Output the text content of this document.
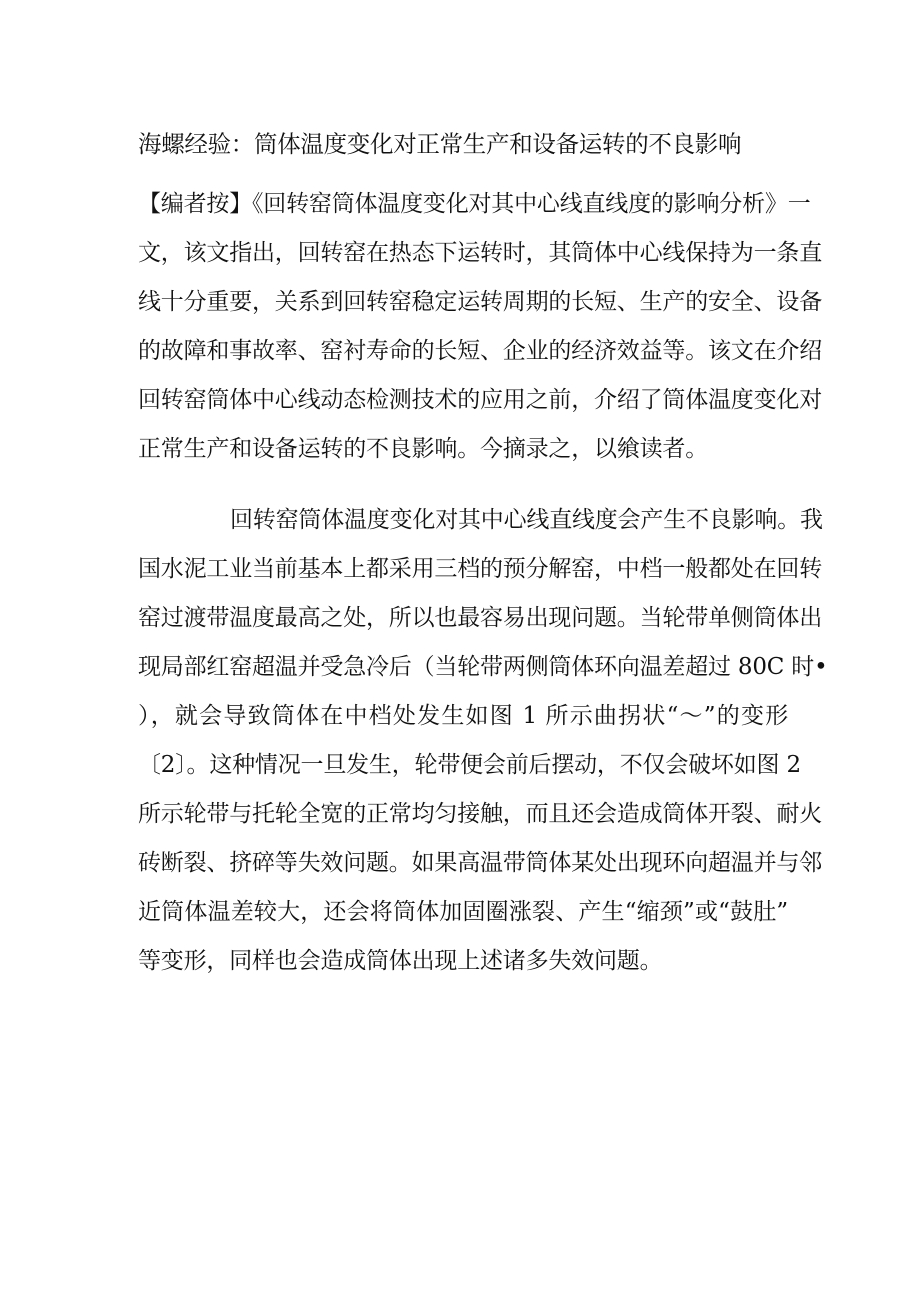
海螺经验：筒体温度变化对正常生产和设备运转的不良影响
【编者按】《回转窑筒体温度变化对其中心线直线度的影响分析》一
文，该文指出，回转窑在热态下运转时，其筒体中心线保持为一条直
线十分重要，关系到回转窑稳定运转周期的长短、生产的安全、设备
的故障和事故率、窑衬寿命的长短、企业的经济效益等。该文在介绍
回转窑筒体中心线动态检测技术的应用之前，介绍了筒体温度变化对
正常生产和设备运转的不良影响。今摘录之，以飨读者。
回转窑筒体温度变化对其中心线直线度会产生不良影响。我
国水泥工业当前基本上都采用三档的预分解窑，中档一般都处在回转
窑过渡带温度最高之处，所以也最容易出现问题。当轮带单侧筒体出
现局部红窑超温并受急冷后（当轮带两侧筒体环向温差超过 80C 时•
），就会导致筒体在中档处发生如图 1 所示曲拐状“～”的变形
〔2〕。这种情况一旦发生，轮带便会前后摆动，不仅会破坏如图 2
所示轮带与托轮全宽的正常均匀接触，而且还会造成筒体开裂、耐火
砖断裂、挤碎等失效问题。如果高温带筒体某处出现环向超温并与邻
近筒体温差较大，还会将筒体加固圈涨裂、产生“缩颈”或“鼓肚”
等变形，同样也会造成筒体出现上述诸多失效问题。
